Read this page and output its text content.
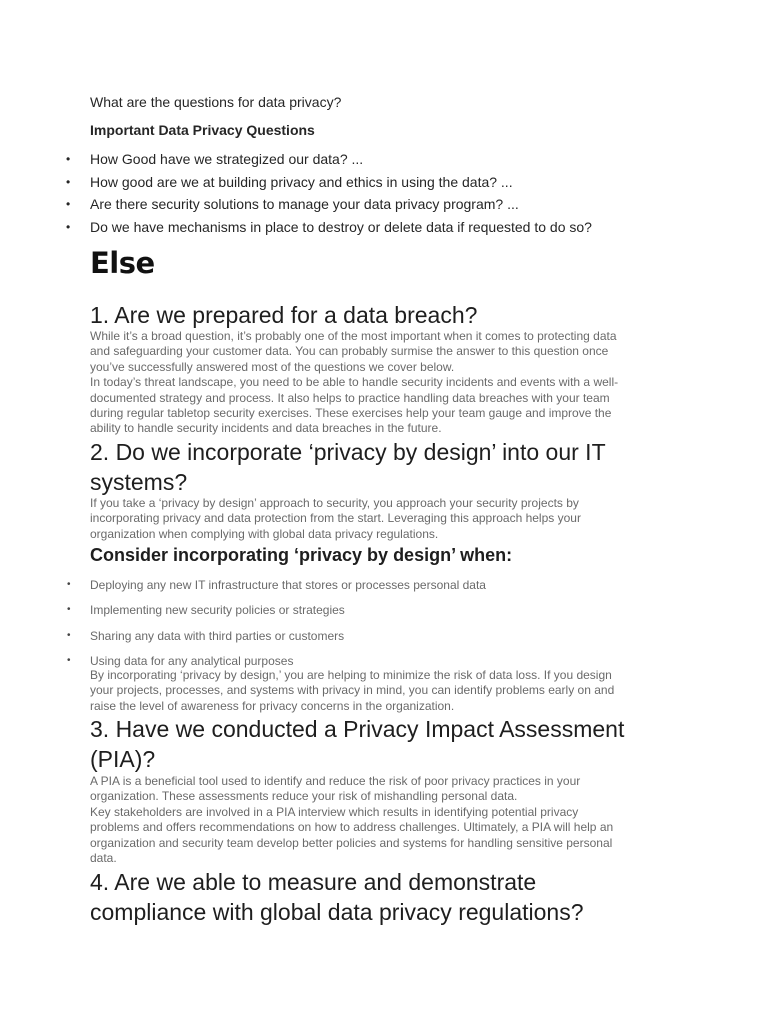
What are the questions for data privacy?
Important Data Privacy Questions
• How Good have we strategized our data? ...
• How good are we at building privacy and ethics in using the data? ...
• Are there security solutions to manage your data privacy program? ...
• Do we have mechanisms in place to destroy or delete data if requested to do so?
Else
1. Are we prepared for a data breach?
While it’s a broad question, it’s probably one of the most important when it comes to protecting data
and safeguarding your customer data. You can probably surmise the answer to this question once
you’ve successfully answered most of the questions we cover below.
In today’s threat landscape, you need to be able to handle security incidents and events with a well-
documented strategy and process. It also helps to practice handling data breaches with your team
during regular tabletop security exercises. These exercises help your team gauge and improve the
ability to handle security incidents and data breaches in the future.
2. Do we incorporate ‘privacy by design’ into our IT
systems?
If you take a ‘privacy by design’ approach to security, you approach your security projects by
incorporating privacy and data protection from the start. Leveraging this approach helps your
organization when complying with global data privacy regulations.
Consider incorporating ‘privacy by design’ when:
• Deploying any new IT infrastructure that stores or processes personal data
• Implementing new security policies or strategies
• Sharing any data with third parties or customers
• Using data for any analytical purposes
By incorporating ‘privacy by design,’ you are helping to minimize the risk of data loss. If you design
your projects, processes, and systems with privacy in mind, you can identify problems early on and
raise the level of awareness for privacy concerns in the organization.
3. Have we conducted a Privacy Impact Assessment
(PIA)?
A PIA is a beneficial tool used to identify and reduce the risk of poor privacy practices in your
organization. These assessments reduce your risk of mishandling personal data.
Key stakeholders are involved in a PIA interview which results in identifying potential privacy
problems and offers recommendations on how to address challenges. Ultimately, a PIA will help an
organization and security team develop better policies and systems for handling sensitive personal
data.
4. Are we able to measure and demonstrate
compliance with global data privacy regulations?
